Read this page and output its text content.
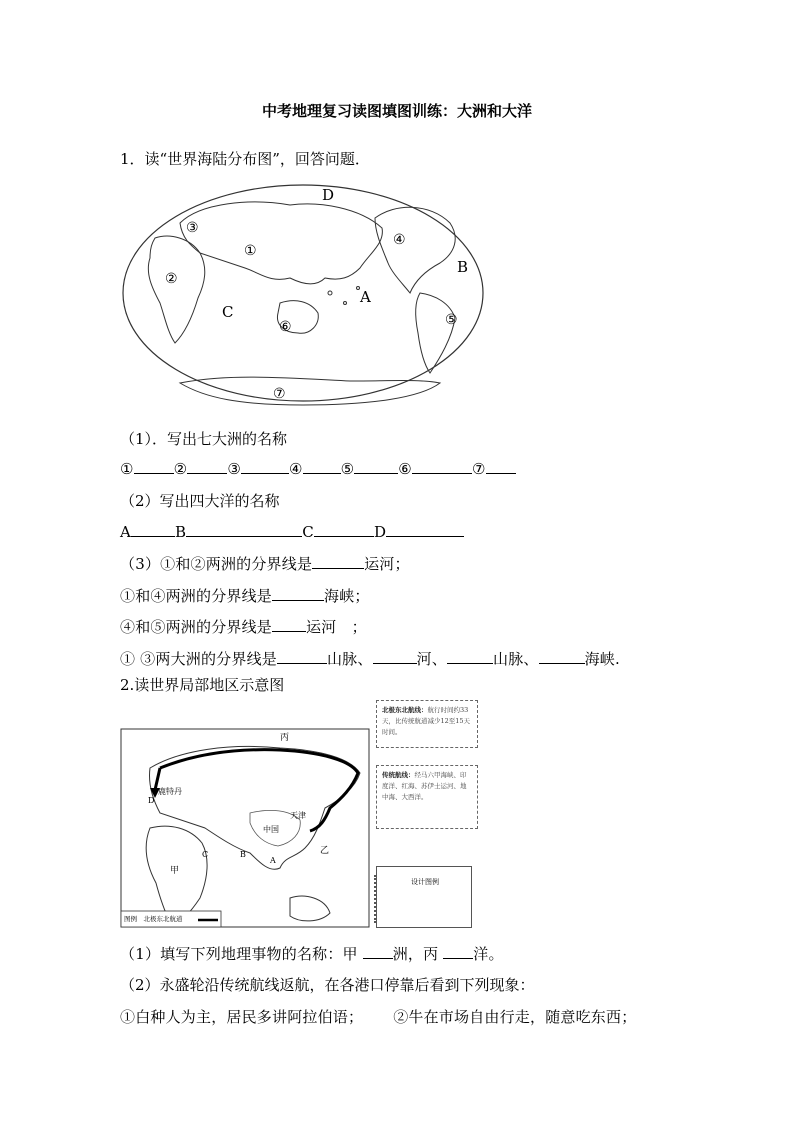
中考地理复习读图填图训练：大洲和大洋
1．读“世界海陆分布图”，回答问题．
D
B
A
C
③
①
④
②
⑤
⑥
⑦
（1）．写出七大洲的名称
①	②	③	④	⑤	⑥	⑦
（2）写出四大洋的名称
A	B	C	D
（3）①和②两洲的分界线是	运河；
①和④两洲的分界线是	海峡；
④和⑤两洲的分界线是 运河　；
① ③两大洲的分界线是	山脉、	河、	山脉、	海峡.
2.读世界局部地区示意图
丙
鹿特丹
D
中国
天津
甲
乙
C	B
A
图例　北极东北航道
北极东北航线：航行时间约33天，比传统航道减少12至15天时间。
传统航线：经马六甲海峡、印度洋、红海、苏伊士运河、地中海、大西洋。
设计图例
（1）填写下列地理事物的名称：甲 洲，丙 洋。
（2）永盛轮沿传统航线返航，在各港口停靠后看到下列现象：
①白种人为主，居民多讲阿拉伯语； ②牛在市场自由行走，随意吃东西；
